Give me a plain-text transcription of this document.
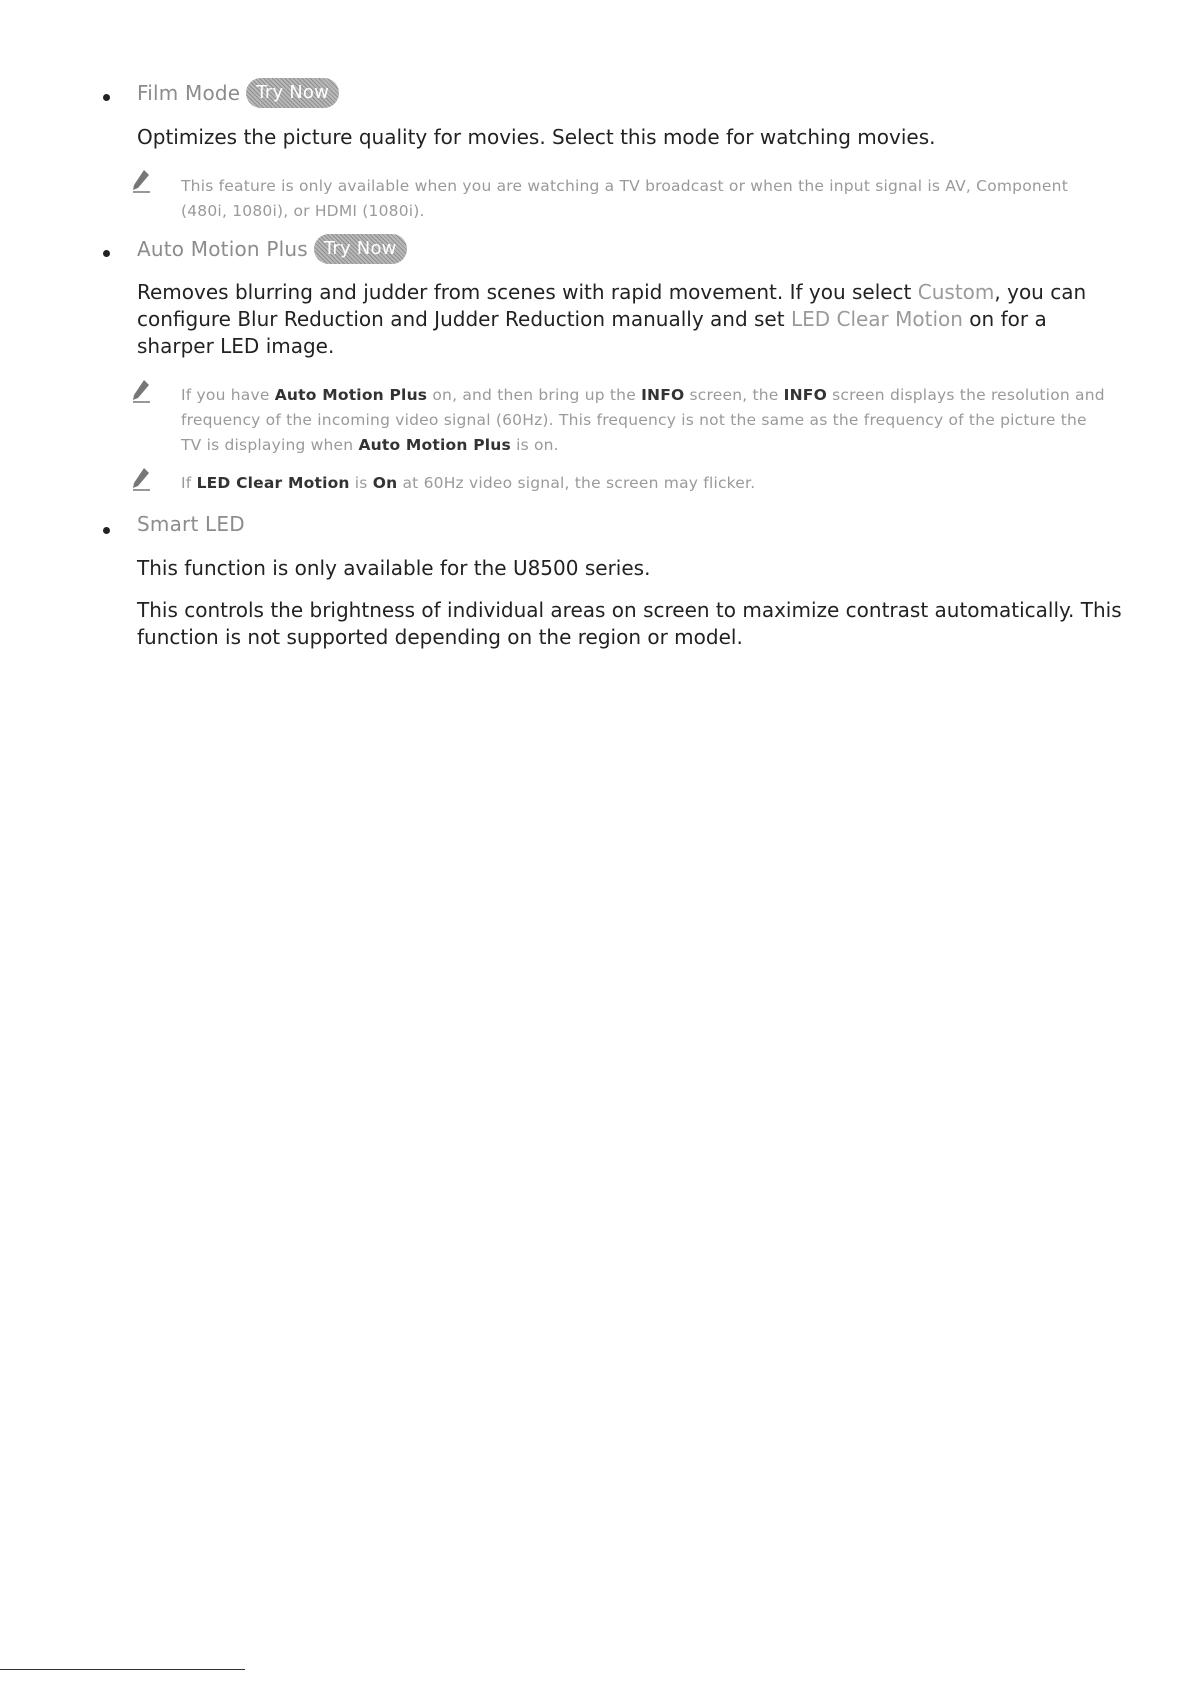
Film Mode Try Now
Optimizes the picture quality for movies. Select this mode for watching movies.
This feature is only available when you are watching a TV broadcast or when the input signal is AV, Component (480i, 1080i), or HDMI (1080i).
Auto Motion Plus Try Now
Removes blurring and judder from scenes with rapid movement. If you select Custom, you can configure Blur Reduction and Judder Reduction manually and set LED Clear Motion on for a sharper LED image.
If you have Auto Motion Plus on, and then bring up the INFO screen, the INFO screen displays the resolution and frequency of the incoming video signal (60Hz). This frequency is not the same as the frequency of the picture the TV is displaying when Auto Motion Plus is on.
If LED Clear Motion is On at 60Hz video signal, the screen may flicker.
Smart LED
This function is only available for the U8500 series.
This controls the brightness of individual areas on screen to maximize contrast automatically. This function is not supported depending on the region or model.
